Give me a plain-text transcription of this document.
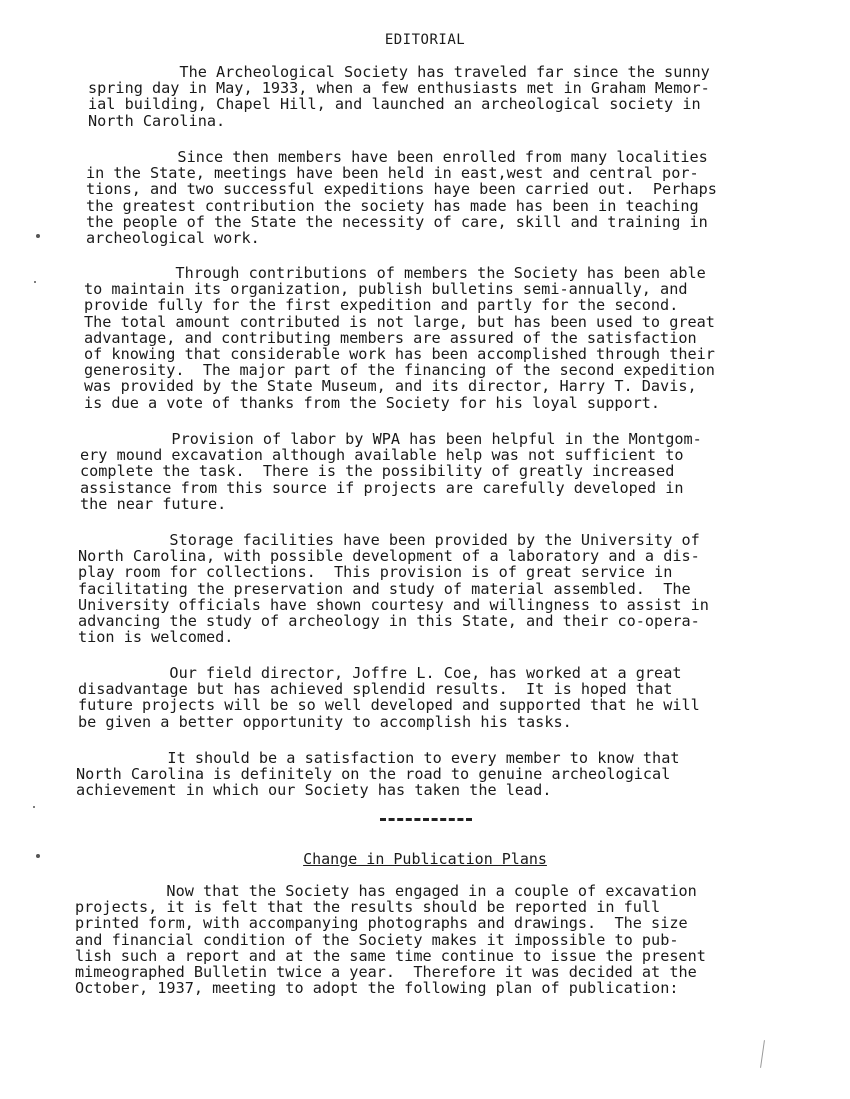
EDITORIAL
The Archeological Society has traveled far since the sunny
spring day in May, 1933, when a few enthusiasts met in Graham Memor-
ial building, Chapel Hill, and launched an archeological society in
North Carolina.
Since then members have been enrolled from many localities
in the State, meetings have been held in east,west and central por-
tions, and two successful expeditions haye been carried out.  Perhaps
the greatest contribution the society has made has been in teaching
the people of the State the necessity of care, skill and training in
archeological work.
Through contributions of members the Society has been able
to maintain its organization, publish bulletins semi-annually, and
provide fully for the first expedition and partly for the second.
The total amount contributed is not large, but has been used to great
advantage, and contributing members are assured of the satisfaction
of knowing that considerable work has been accomplished through their
generosity.  The major part of the financing of the second expedition
was provided by the State Museum, and its director, Harry T. Davis,
is due a vote of thanks from the Society for his loyal support.
Provision of labor by WPA has been helpful in the Montgom-
ery mound excavation although available help was not sufficient to
complete the task.  There is the possibility of greatly increased
assistance from this source if projects are carefully developed in
the near future.
Storage facilities have been provided by the University of
North Carolina, with possible development of a laboratory and a dis-
play room for collections.  This provision is of great service in
facilitating the preservation and study of material assembled.  The
University officials have shown courtesy and willingness to assist in
advancing the study of archeology in this State, and their co-opera-
tion is welcomed.
Our field director, Joffre L. Coe, has worked at a great
disadvantage but has achieved splendid results.  It is hoped that
future projects will be so well developed and supported that he will
be given a better opportunity to accomplish his tasks.
It should be a satisfaction to every member to know that
North Carolina is definitely on the road to genuine archeological
achievement in which our Society has taken the lead.
Change in Publication Plans
Now that the Society has engaged in a couple of excavation
projects, it is felt that the results should be reported in full
printed form, with accompanying photographs and drawings.  The size
and financial condition of the Society makes it impossible to pub-
lish such a report and at the same time continue to issue the present
mimeographed Bulletin twice a year.  Therefore it was decided at the
October, 1937, meeting to adopt the following plan of publication:
